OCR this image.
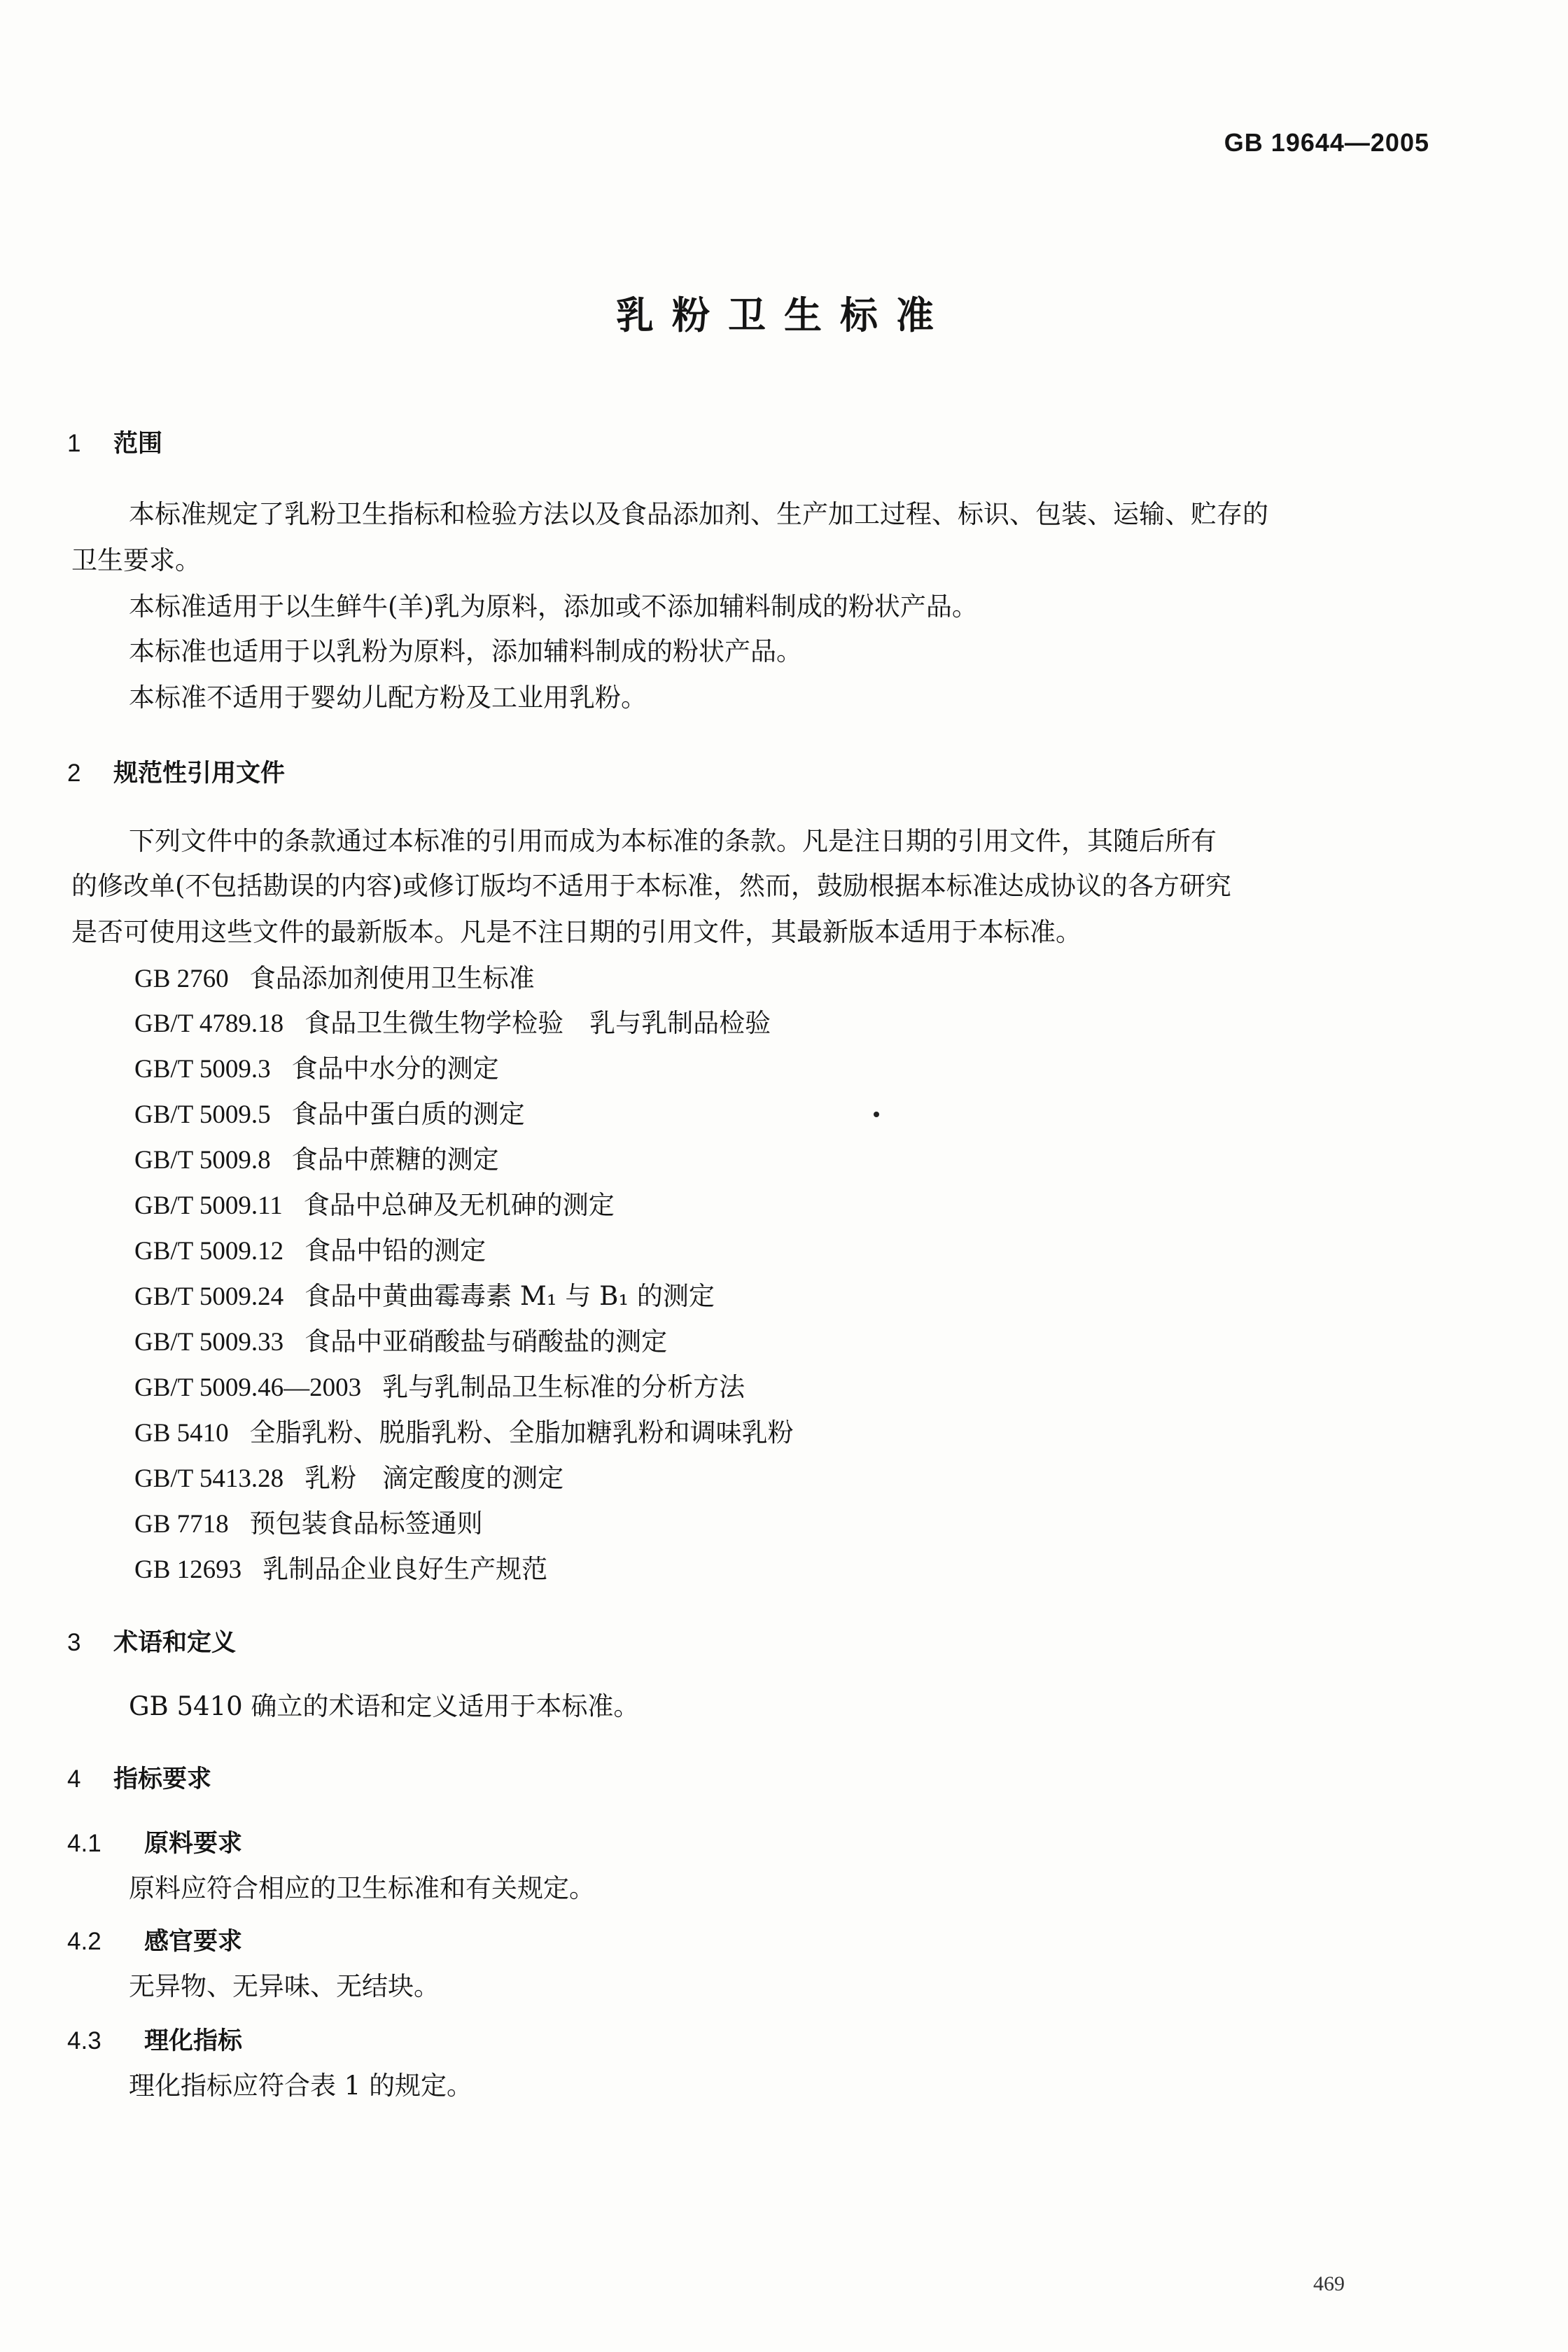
GB 19644—2005
乳粉卫生标准
1 范围
本标准规定了乳粉卫生指标和检验方法以及食品添加剂、生产加工过程、标识、包装、运输、贮存的
卫生要求。
本标准适用于以生鲜牛(羊)乳为原料，添加或不添加辅料制成的粉状产品。
本标准也适用于以乳粉为原料，添加辅料制成的粉状产品。
本标准不适用于婴幼儿配方粉及工业用乳粉。
2 规范性引用文件
下列文件中的条款通过本标准的引用而成为本标准的条款。凡是注日期的引用文件，其随后所有
的修改单(不包括勘误的内容)或修订版均不适用于本标准，然而，鼓励根据本标准达成协议的各方研究
是否可使用这些文件的最新版本。凡是不注日期的引用文件，其最新版本适用于本标准。
GB 2760 食品添加剂使用卫生标准
GB/T 4789.18 食品卫生微生物学检验　乳与乳制品检验
GB/T 5009.3 食品中水分的测定
GB/T 5009.5 食品中蛋白质的测定
GB/T 5009.8 食品中蔗糖的测定
GB/T 5009.11 食品中总砷及无机砷的测定
GB/T 5009.12 食品中铅的测定
GB/T 5009.24 食品中黄曲霉毒素 M₁ 与 B₁ 的测定
GB/T 5009.33 食品中亚硝酸盐与硝酸盐的测定
GB/T 5009.46—2003 乳与乳制品卫生标准的分析方法
GB 5410 全脂乳粉、脱脂乳粉、全脂加糖乳粉和调味乳粉
GB/T 5413.28 乳粉　滴定酸度的测定
GB 7718 预包装食品标签通则
GB 12693 乳制品企业良好生产规范
3 术语和定义
GB 5410 确立的术语和定义适用于本标准。
4 指标要求
4.1 原料要求
原料应符合相应的卫生标准和有关规定。
4.2 感官要求
无异物、无异味、无结块。
4.3 理化指标
理化指标应符合表 1 的规定。
469
